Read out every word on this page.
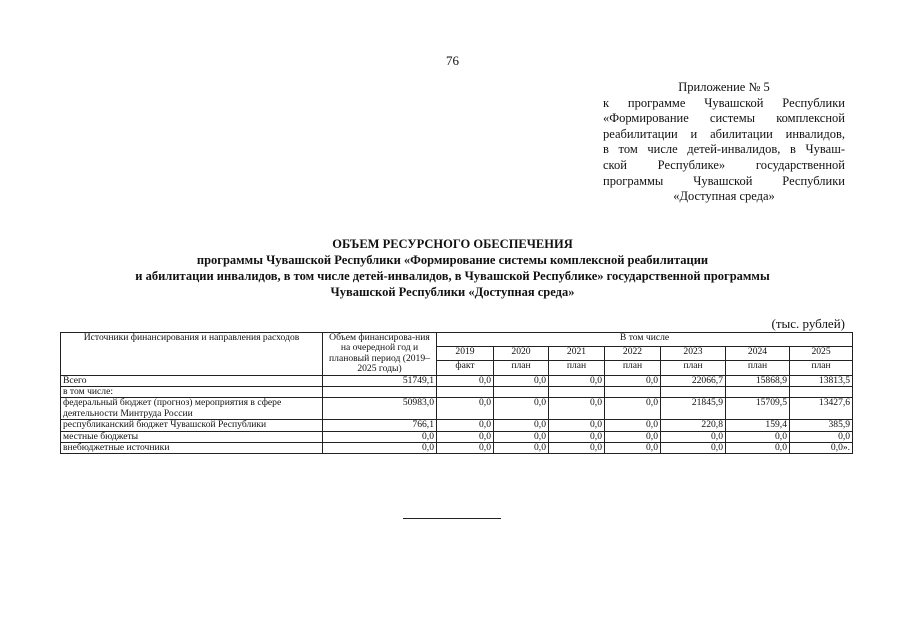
76
Приложение № 5
к программе Чувашской Республики
«Формирование системы комплексной
реабилитации и абилитации инвалидов,
в том числе детей-инвалидов, в Чуваш-
ской Республике» государственной
программы Чувашской Республики
«Доступная среда»
ОБЪЕМ РЕСУРСНОГО ОБЕСПЕЧЕНИЯ
программы Чувашской Республики «Формирование системы комплексной реабилитации
и абилитации инвалидов, в том числе детей-инвалидов, в Чувашской Республике» государственной программы
Чувашской Республики «Доступная среда»
(тыс. рублей)
Источники финансирования и направления расходов	Объем финансирова-ния на очередной год и плановый период (2019–2025 годы)	В том числе						
		2019	2020	2021	2022	2023	2024	2025
		факт	план	план	план	план	план	план
Всего	51749,1	0,0	0,0	0,0	0,0	22066,7	15868,9	13813,5
в том числе:								
федеральный бюджет (прогноз) мероприятия в сфере деятельности Минтруда России	50983,0	0,0	0,0	0,0	0,0	21845,9	15709,5	13427,6
республиканский бюджет Чувашской Республики	766,1	0,0	0,0	0,0	0,0	220,8	159,4	385,9
местные бюджеты	0,0	0,0	0,0	0,0	0,0	0,0	0,0	0,0
внебюджетные источники	0,0	0,0	0,0	0,0	0,0	0,0	0,0	0,0».
